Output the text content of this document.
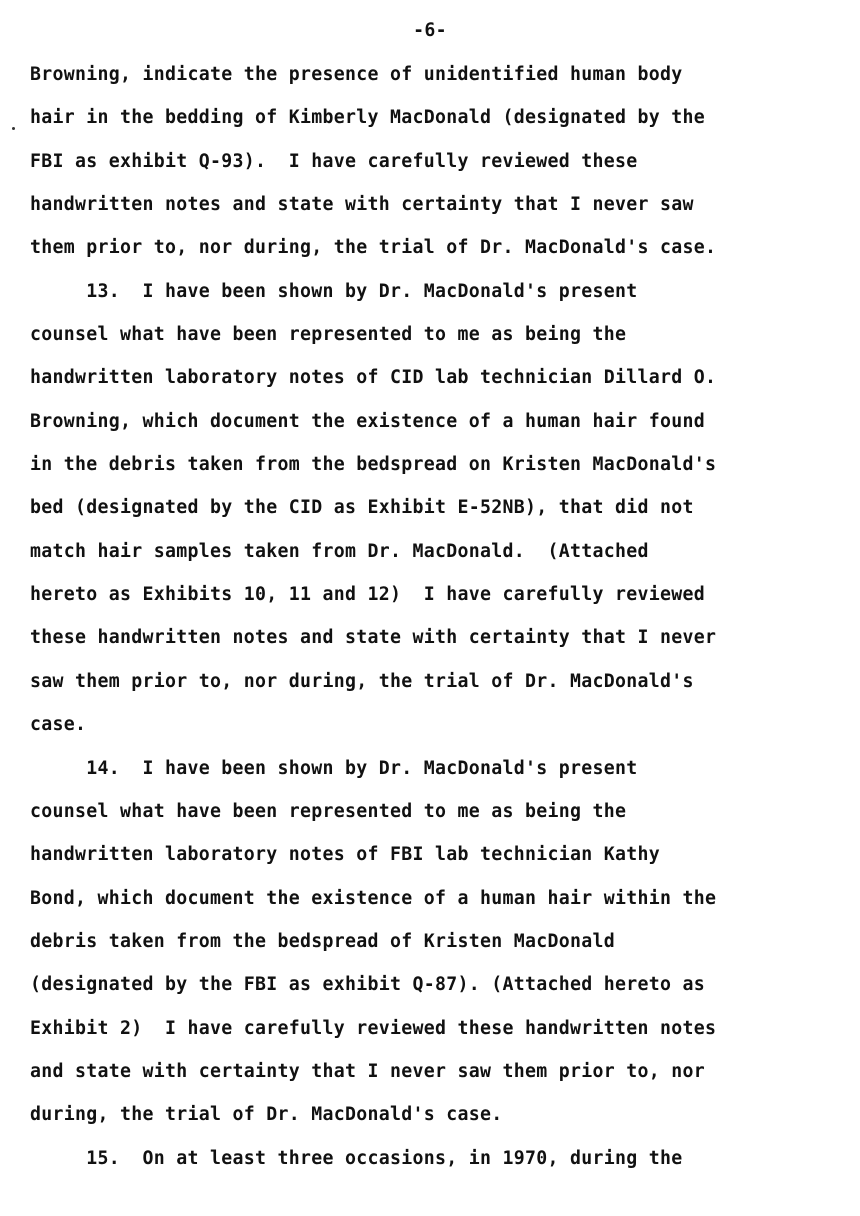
-6-
Browning, indicate the presence of unidentified human body
hair in the bedding of Kimberly MacDonald (designated by the
FBI as exhibit Q-93).  I have carefully reviewed these
handwritten notes and state with certainty that I never saw
them prior to, nor during, the trial of Dr. MacDonald's case.
13.  I have been shown by Dr. MacDonald's present
counsel what have been represented to me as being the
handwritten laboratory notes of CID lab technician Dillard O.
Browning, which document the existence of a human hair found
in the debris taken from the bedspread on Kristen MacDonald's
bed (designated by the CID as Exhibit E-52NB), that did not
match hair samples taken from Dr. MacDonald.  (Attached
hereto as Exhibits 10, 11 and 12)  I have carefully reviewed
these handwritten notes and state with certainty that I never
saw them prior to, nor during, the trial of Dr. MacDonald's
case.
14.  I have been shown by Dr. MacDonald's present
counsel what have been represented to me as being the
handwritten laboratory notes of FBI lab technician Kathy
Bond, which document the existence of a human hair within the
debris taken from the bedspread of Kristen MacDonald
(designated by the FBI as exhibit Q-87). (Attached hereto as
Exhibit 2)  I have carefully reviewed these handwritten notes
and state with certainty that I never saw them prior to, nor
during, the trial of Dr. MacDonald's case.
15.  On at least three occasions, in 1970, during the
